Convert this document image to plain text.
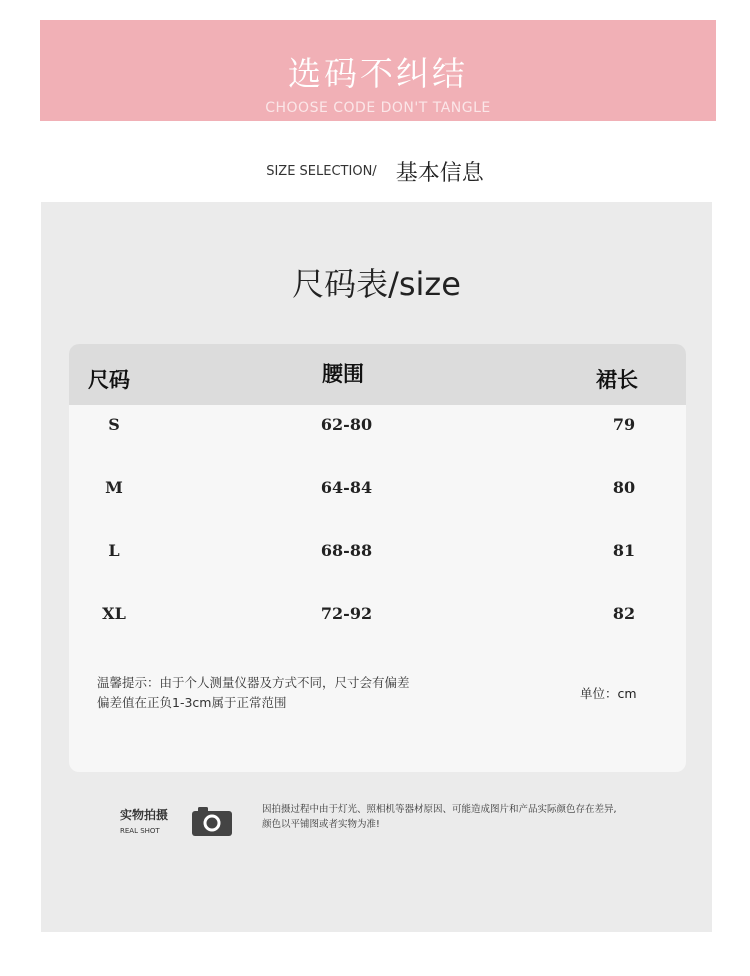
选码不纠结
CHOOSE CODE DON'T TANGLE
SIZE SELECTION/ 基本信息
尺码表/size
尺码	腰围	裙长
S	62-80	79
M	64-84	80
L	68-88	81
XL	72-92	82
温馨提示：由于个人测量仪器及方式不同，尺寸会有偏差
偏差值在正负1-3cm属于正常范围
单位：cm
实物拍摄
REAL SHOT
因拍摄过程中由于灯光、照相机等器材原因、可能造成图片和产品实际颜色存在差异,
颜色以平铺图或者实物为准!
